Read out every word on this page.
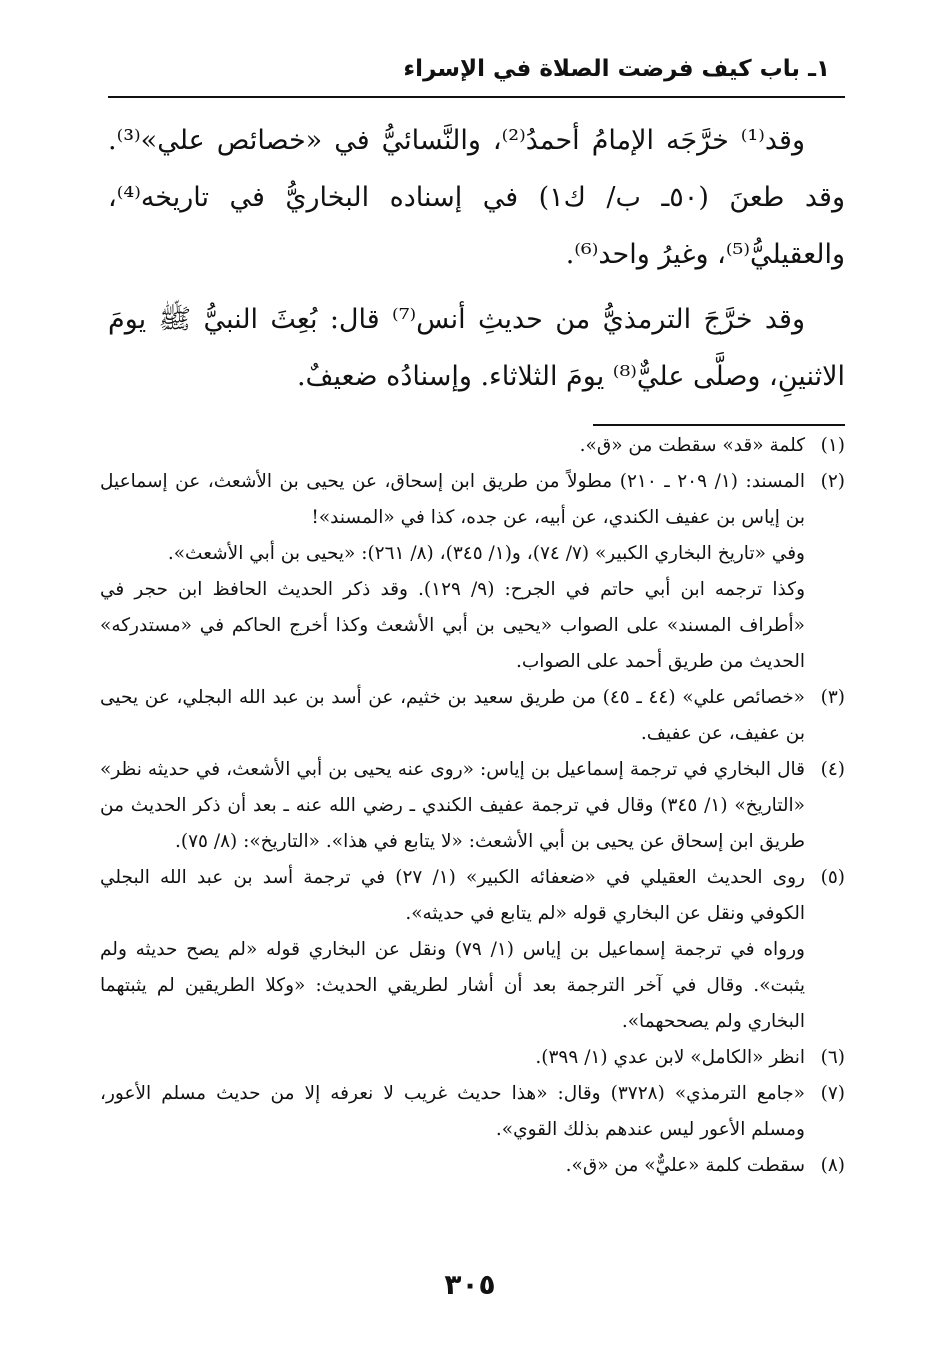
١ـ باب كيف فرضت الصلاة في الإسراء

وقد⁽¹⁾ خرَّجَه الإمامُ أحمدُ⁽²⁾، والنَّسائيُّ في «خصائص علي»⁽³⁾. وقد طعنَ (٥٠ـ ب/ ك١) في إسناده البخاريُّ في تاريخه⁽⁴⁾، والعقيليُّ⁽⁵⁾، وغيرُ واحد⁽⁶⁾.

وقد خرَّجَ الترمذيُّ من حديثِ أنس⁽⁷⁾ قال: بُعِثَ النبيُّ ﷺ يومَ الاثنينِ، وصلَّى عليٌّ⁽⁸⁾ يومَ الثلاثاء. وإسنادُه ضعيفٌ.

(١)
كلمة «قد» سقطت من «ق».
(٢)
المسند: (١/ ٢٠٩ ـ ٢١٠) مطولاً من طريق ابن إسحاق، عن يحيى بن الأشعث، عن إسماعيل بن إياس بن عفيف الكندي، عن أبيه، عن جده، كذا في «المسند»!
وفي «تاريخ البخاري الكبير» (٧/ ٧٤)، و(١/ ٣٤٥)، (٨/ ٢٦١): «يحيى بن أبي الأشعث».
وكذا ترجمه ابن أبي حاتم في الجرح: (٩/ ١٢٩). وقد ذكر الحديث الحافظ ابن حجر في «أطراف المسند» على الصواب «يحيى بن أبي الأشعث وكذا أخرج الحاكم في «مستدركه» الحديث من طريق أحمد على الصواب.
(٣)
«خصائص علي» (٤٤ ـ ٤٥) من طريق سعيد بن خثيم، عن أسد بن عبد الله البجلي، عن يحيى بن عفيف، عن عفيف.
(٤)
قال البخاري في ترجمة إسماعيل بن إياس: «روى عنه يحيى بن أبي الأشعث، في حديثه نظر» «التاريخ» (١/ ٣٤٥) وقال في ترجمة عفيف الكندي ـ رضي الله عنه ـ بعد أن ذكر الحديث من طريق ابن إسحاق عن يحيى بن أبي الأشعث: «لا يتابع في هذا». «التاريخ»: (٨/ ٧٥).
(٥)
روى الحديث العقيلي في «ضعفائه الكبير» (١/ ٢٧) في ترجمة أسد بن عبد الله البجلي الكوفي ونقل عن البخاري قوله «لم يتابع في حديثه».
ورواه في ترجمة إسماعيل بن إياس (١/ ٧٩) ونقل عن البخاري قوله «لم يصح حديثه ولم يثبت». وقال في آخر الترجمة بعد أن أشار لطريقي الحديث: «وكلا الطريقين لم يثبتهما البخاري ولم يصححهما».
(٦)
انظر «الكامل» لابن عدي (١/ ٣٩٩).
(٧)
«جامع الترمذي» (٣٧٢٨) وقال: «هذا حديث غريب لا نعرفه إلا من حديث مسلم الأعور، ومسلم الأعور ليس عندهم بذلك القوي».
(٨)
سقطت كلمة «عليٌّ» من «ق».
٣٠٥
